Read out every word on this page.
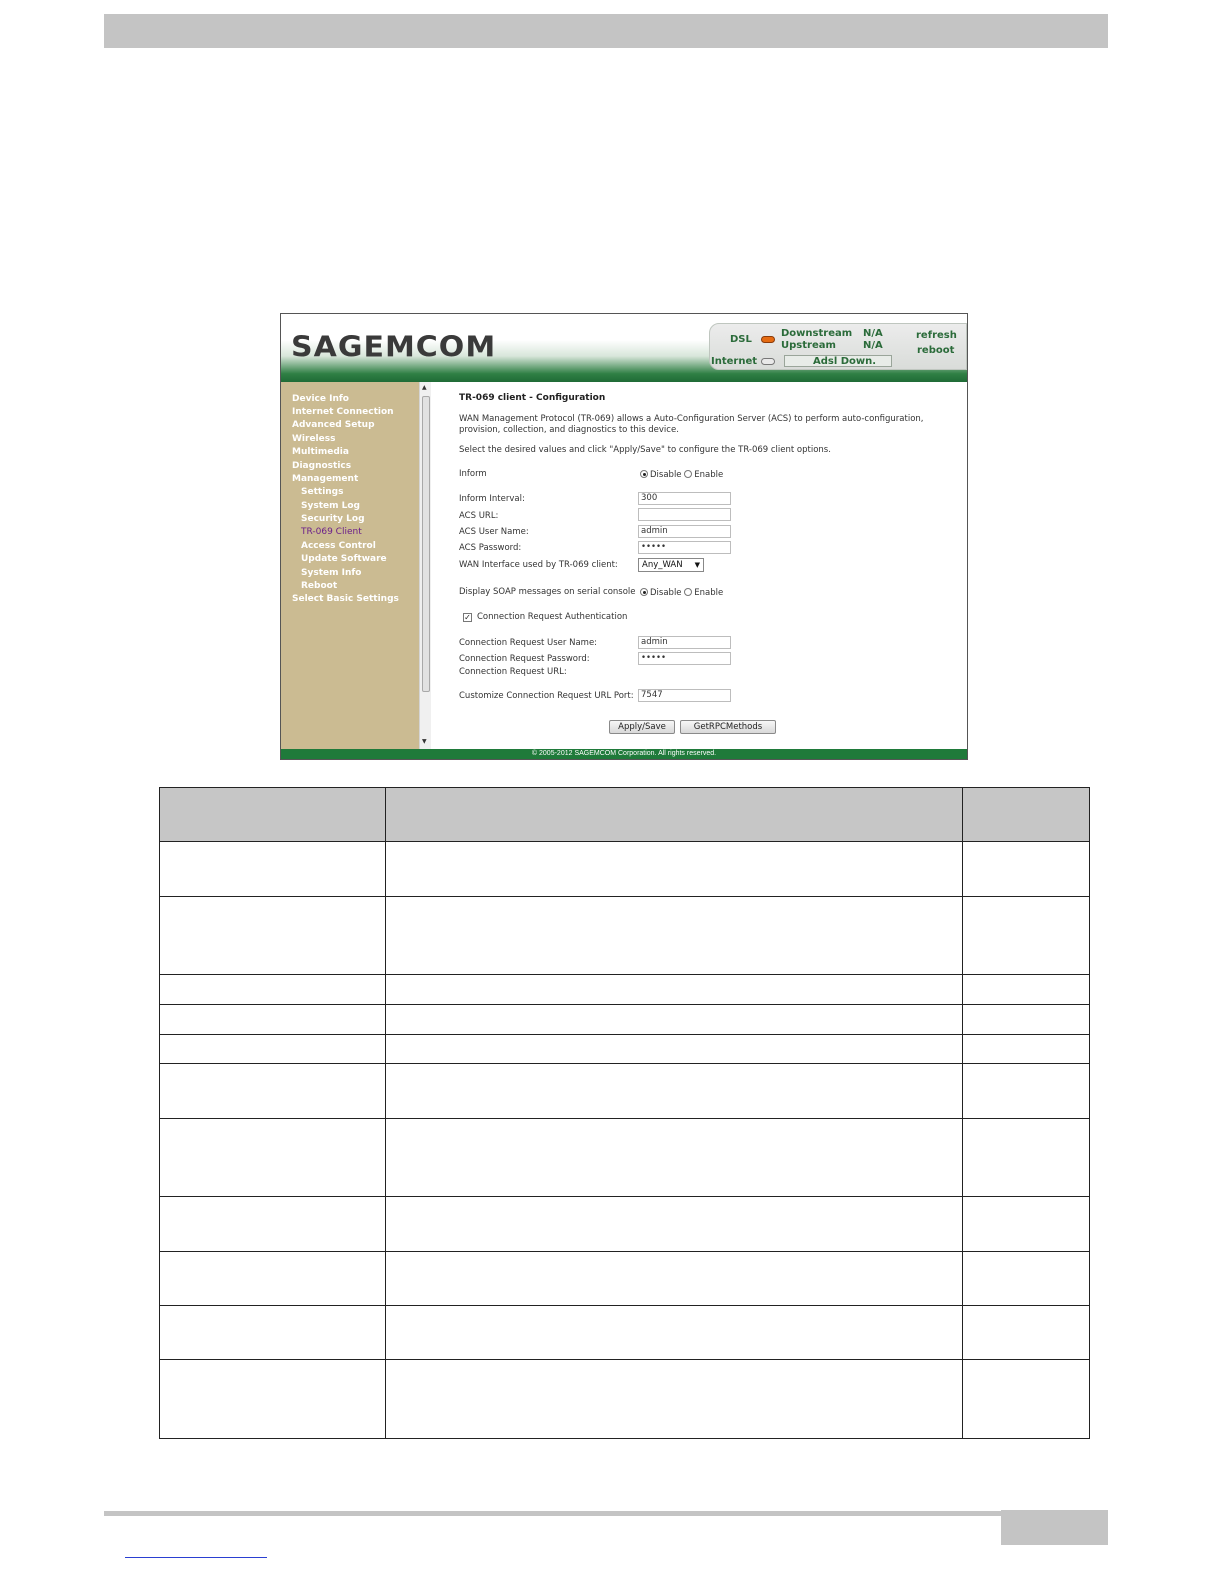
SAGEMCOM	DSL
Downstream
Upstream
N/A
N/A
Internet	Adsl Down.
refresh
reboot
Device Info
Internet Connection
Advanced Setup
Wireless
Multimedia
Diagnostics
Management
Settings
System Log
Security Log
TR-069 Client
Access Control
Update Software
System Info
Reboot
Select Basic Settings
▲
▼
TR-069 client - Configuration
WAN Management Protocol (TR-069) allows a Auto-Configuration Server (ACS) to perform auto-configuration,
provision, collection, and diagnostics to this device.
Select the desired values and click "Apply/Save" to configure the TR-069 client options.
Inform	Disable Enable
Inform Interval:	300
ACS URL:
ACS User Name:	admin
ACS Password:	•••••
WAN Interface used by TR-069 client:	Any_WAN ▼
Display SOAP messages on serial console	Disable Enable
✓ Connection Request Authentication
Connection Request User Name:	admin
Connection Request Password:	•••••
Connection Request URL:
Customize Connection Request URL Port: 7547
Apply/Save	GetRPCMethods
© 2005-2012 SAGEMCOM Corporation. All rights reserved.
